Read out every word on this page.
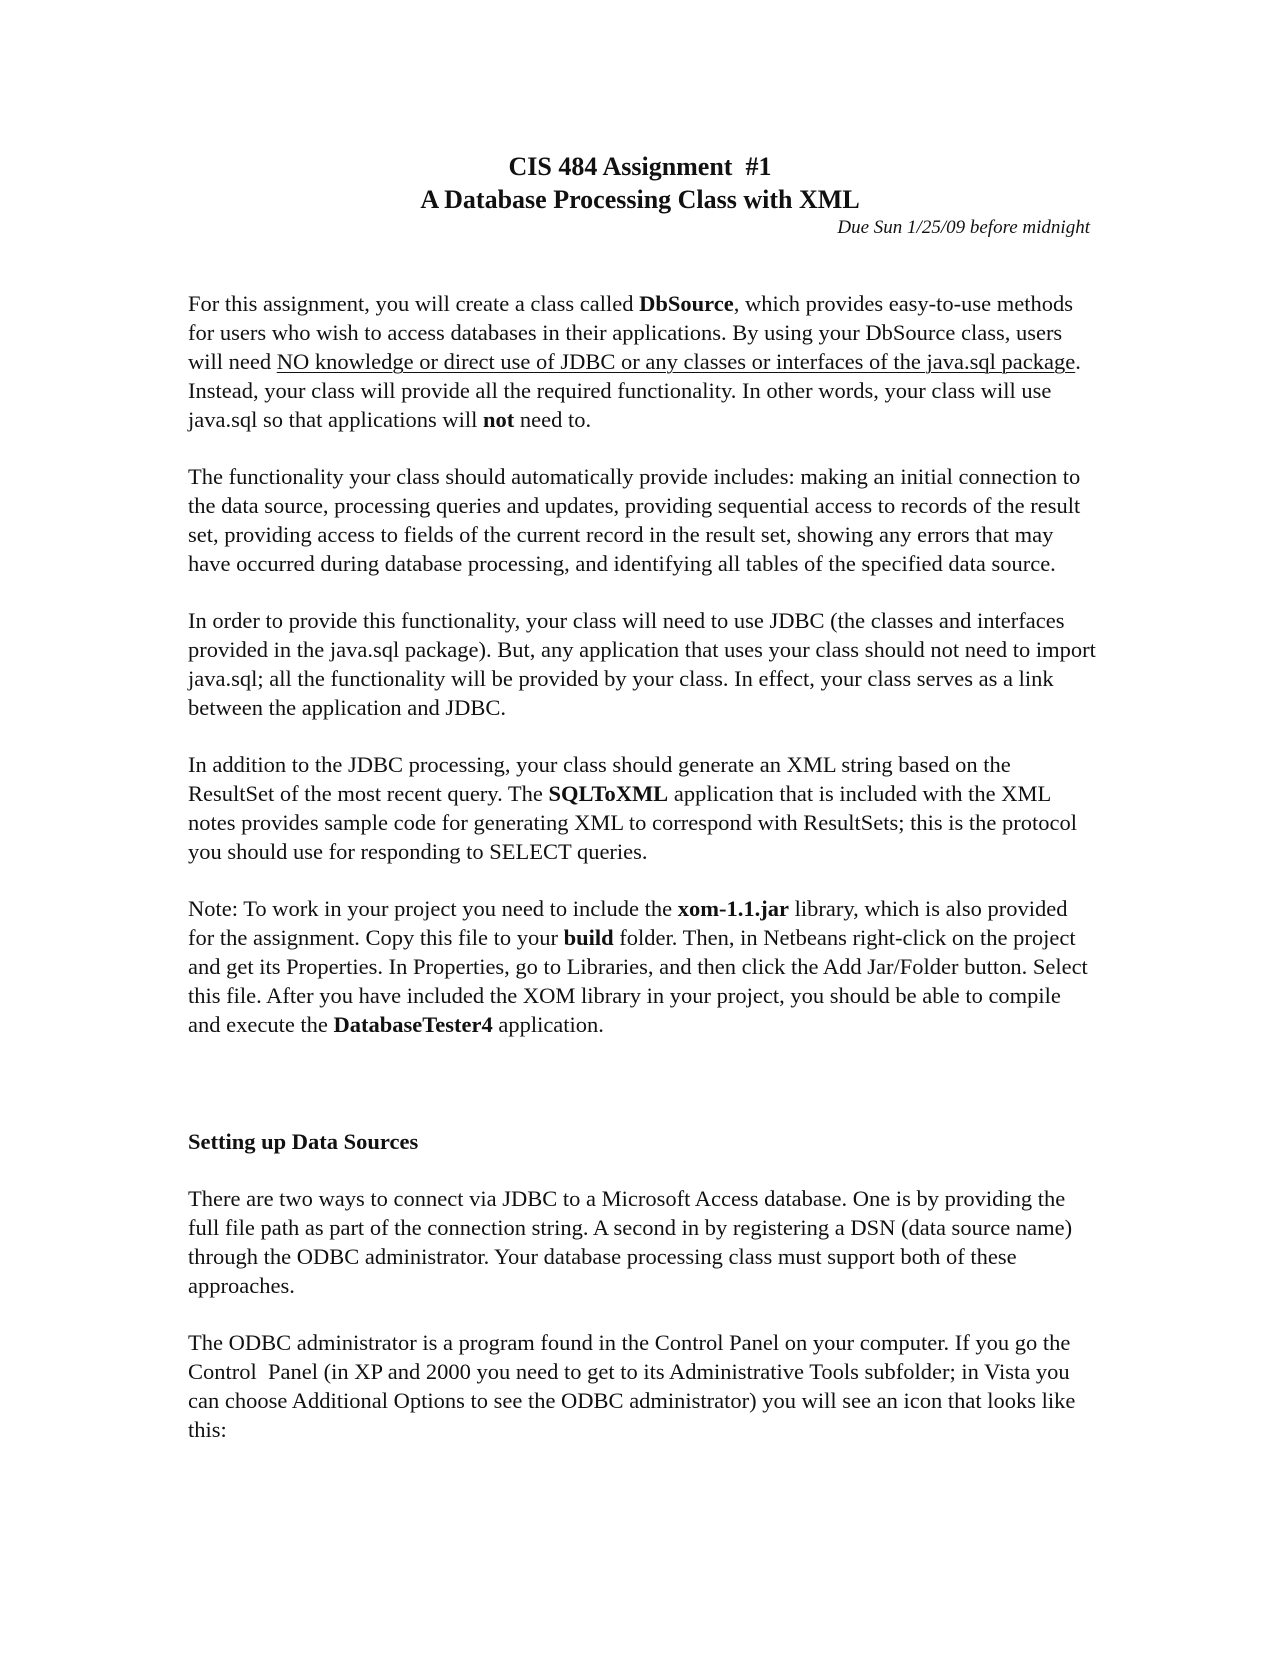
CIS 484 Assignment  #1

A Database Processing Class with XML

Due Sun 1/25/09 before midnight

For this assignment, you will create a class called DbSource, which provides easy-to-use methods for users who wish to access databases in their applications. By using your DbSource class, users will need NO knowledge or direct use of JDBC or any classes or interfaces of the java.sql package. Instead, your class will provide all the required functionality. In other words, your class will use java.sql so that applications will not need to.

The functionality your class should automatically provide includes: making an initial connection to the data source, processing queries and updates, providing sequential access to records of the result set, providing access to fields of the current record in the result set, showing any errors that may have occurred during database processing, and identifying all tables of the specified data source.

In order to provide this functionality, your class will need to use JDBC (the classes and interfaces provided in the java.sql package). But, any application that uses your class should not need to import java.sql; all the functionality will be provided by your class. In effect, your class serves as a link between the application and JDBC.

In addition to the JDBC processing, your class should generate an XML string based on the ResultSet of the most recent query. The SQLToXML application that is included with the XML notes provides sample code for generating XML to correspond with ResultSets; this is the protocol you should use for responding to SELECT queries.

Note: To work in your project you need to include the xom-1.1.jar library, which is also provided for the assignment. Copy this file to your build folder. Then, in Netbeans right-click on the project and get its Properties. In Properties, go to Libraries, and then click the Add Jar/Folder button. Select this file. After you have included the XOM library in your project, you should be able to compile and execute the DatabaseTester4 application.

Setting up Data Sources

There are two ways to connect via JDBC to a Microsoft Access database. One is by providing the full file path as part of the connection string. A second in by registering a DSN (data source name) through the ODBC administrator. Your database processing class must support both of these approaches.

The ODBC administrator is a program found in the Control Panel on your computer. If you go the Control  Panel (in XP and 2000 you need to get to its Administrative Tools subfolder; in Vista you can choose Additional Options to see the ODBC administrator) you will see an icon that looks like this:
